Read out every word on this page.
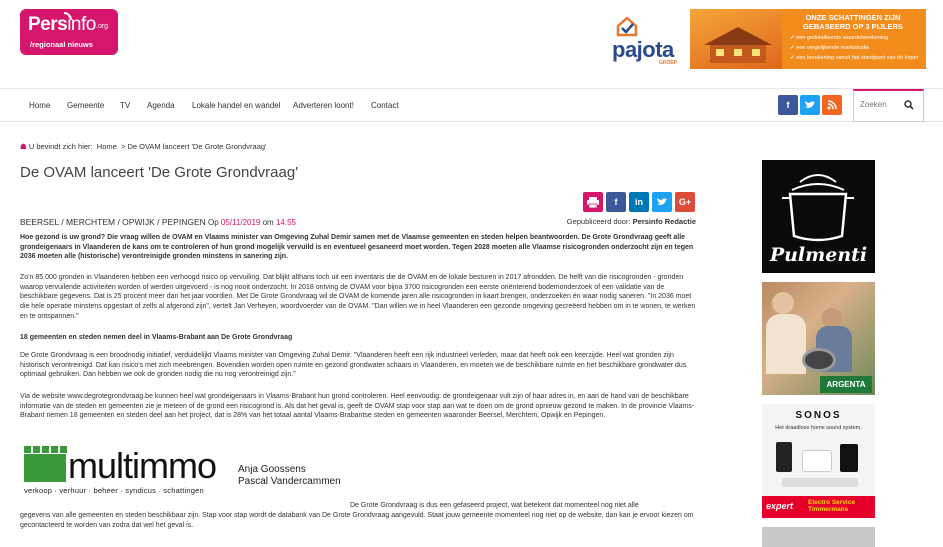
Persinfo .org
/regionaal nieuws	pajota
GROEP
ONZE SCHATTINGEN ZIJN GEBASEERD OP 3 PIJLERS
✓ een gedetailleerde waardeberekening
✓ een vergelijkende marktstudie
✓ een berekening vanuit het standpunt van de koper
Home Gemeente TV Agenda Lokale handel en wandel Adverteren loont! Contact	f
Zoeken
☗ U bevindt zich hier: Home  > De OVAM lanceert 'De Grote Grondvraag'
De OVAM lanceert 'De Grote Grondvraag'
f	in	G+
BEERSEL / MERCHTEM / OPWIJK / PEPINGEN Op 05/11/2019 om 14:55	Gepubliceerd door: Persinfo Redactie

Hoe gezond is uw grond? Die vraag willen de OVAM en Vlaams minister van Omgeving Zuhal Demir samen met de Vlaamse gemeenten en steden helpen beantwoorden. De Grote Grondvraag geeft alle grondeigenaars in Vlaanderen de kans om te controleren of hun grond mogelijk vervuild is en eventueel gesaneerd moet worden. Tegen 2028 moeten alle Vlaamse risicogronden onderzocht zijn en tegen 2036 moeten alle (historische) verontreinigde gronden minstens in sanering zijn.

Zo'n 85.000 gronden in Vlaanderen hebben een verhoogd risico op vervuiling. Dat blijkt althans toch uit een inventaris die de OVAM en de lokale besturen in 2017 afrondden. De helft van die risicogronden - gronden waarop vervuilende activiteiten worden of werden uitgevoerd - is nog nooit onderzocht. In 2018 ontving de OVAM voor bijna 3700 risicogronden een eerste oriënterend bodemonderzoek of een validatie van de beschikbare gegevens. Dat is 25 procent meer dan het jaar voordien. Met De Grote Grondvraag wil de OVAM de komende jaren alle risicogronden in kaart brengen, onderzoeken én waar nodig saneren. "In 2036 moet die hele operatie minstens opgestart of zelfs al afgerond zijn", vertelt Jan Verheyen, woordvoerder van de OVAM. "Dan willen we in heel Vlaanderen een gezonde omgeving gecreëerd hebben om in te wonen, te werken en te ontspannen."

18 gemeenten en steden nemen deel in Vlaams-Brabant aan De Grote Grondvraag

De Grote Grondvraag is een broodnodig initiatief, verduidelijkt Vlaams minister van Omgeving Zuhal Demir. "Vlaanderen heeft een rijk industrieel verleden, maar dat heeft ook een keerzijde. Heel wat gronden zijn historisch verontreinigd. Dat kan risico's met zich meebrengen. Bovendien worden open ruimte en gezond grondwater schaars in Vlaanderen, en moeten we de beschikbare ruimte en het beschikbare grondwater dus optimaal gebruiken. Dan hebben we ook de gronden nodig die nu nog verontreinigd zijn."

Via de website www.degrotegrondvraag.be kunnen heel wat grondeigenaars in Vlaams-Brabant hun grond controleren. Heel eenvoudig: de grondeigenaar vult zijn of haar adres in, en aan de hand van de beschikbare informatie van de steden en gemeenten zie je meteen of de grond een risicogrond is. Als dat het geval is, geeft de OVAM stap voor stap aan wat te doen om de grond opnieuw gezond te maken. In de provincie Vlaams-Brabant nemen 18 gemeenten en steden deel aan het project, dat is 28% van het totaal aantal Vlaams-Brabantse steden en gemeenten waaronder Beersel, Merchtem, Opwijk en Pepingen.

multimmo
verkoop · verhuur · beheer · syndicus · schattingen
Anja Goossens
Pascal Vandercammen

De Grote Grondvraag is dus een gefaseerd project, wat betekent dat momenteel nog niet alle

gegevens van alle gemeenten en steden beschikbaar zijn. Stap voor stap wordt de databank van De Grote Grondvraag aangevuld. Staat jouw gemeente momenteel nog niet op de website, dan kan je ervoor kiezen om gecontacteerd te worden van zodra dat wel het geval is.

Pulmenti
ARGENTA
SONOS
Het draadloze home sound system.
expert Electro Service
Timmermans
